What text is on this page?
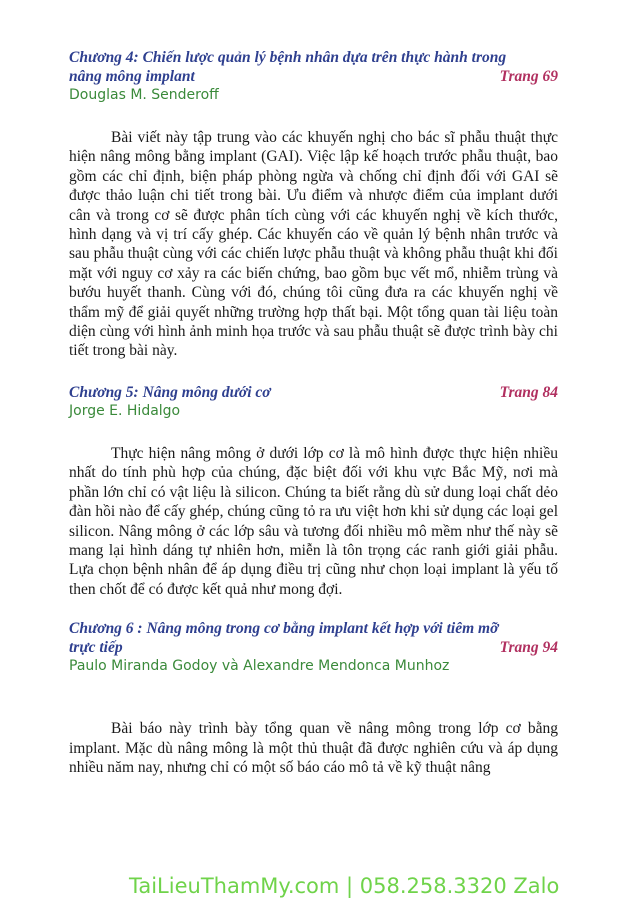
Chương 4: Chiến lược quản lý bệnh nhân dựa trên thực hành trong

Trang 69
nâng mông implant
Douglas M. Senderoff

Bài viết này tập trung vào các khuyến nghị cho bác sĩ phẫu thuật thực hiện nâng mông bằng implant (GAI). Việc lập kế hoạch trước phẫu thuật, bao gồm các chỉ định, biện pháp phòng ngừa và chống chỉ định đối với GAI sẽ được thảo luận chi tiết trong bài. Ưu điểm và nhược điểm của implant dưới cân và trong cơ sẽ được phân tích cùng với các khuyến nghị về kích thước, hình dạng và vị trí cấy ghép. Các khuyến cáo về quản lý bệnh nhân trước và sau phẫu thuật cùng với các chiến lược phẫu thuật và không phẫu thuật khi đối mặt với nguy cơ xảy ra các biến chứng, bao gồm bục vết mổ, nhiễm trùng và bướu huyết thanh. Cùng với đó, chúng tôi cũng đưa ra các khuyến nghị về thẩm mỹ để giải quyết những trường hợp thất bại. Một tổng quan tài liệu toàn diện cùng với hình ảnh minh họa trước và sau phẫu thuật sẽ được trình bày chi tiết trong bài này.

Trang 84
Chương 5: Nâng mông dưới cơ
Jorge E. Hidalgo

Thực hiện nâng mông ở dưới lớp cơ là mô hình được thực hiện nhiều nhất do tính phù hợp của chúng, đặc biệt đối với khu vực Bắc Mỹ, nơi mà phần lớn chỉ có vật liệu là silicon. Chúng ta biết rằng dù sử dung loại chất dẻo đàn hồi nào để cấy ghép, chúng cũng tỏ ra ưu việt hơn khi sử dụng các loại gel silicon. Nâng mông ở các lớp sâu và tương đối nhiều mô mềm như thế này sẽ mang lại hình dáng tự nhiên hơn, miễn là tôn trọng các ranh giới giải phẫu. Lựa chọn bệnh nhân để áp dụng điều trị cũng như chọn loại implant là yếu tố then chốt để có được kết quả như mong đợi.

Chương 6 : Nâng mông trong cơ bằng implant kết hợp với tiêm mỡ

Trang 94
trực tiếp
Paulo Miranda Godoy và Alexandre Mendonca Munhoz

Bài báo này trình bày tổng quan về nâng mông trong lớp cơ bằng implant. Mặc dù nâng mông là một thủ thuật đã được nghiên cứu và áp dụng nhiều năm nay, nhưng chỉ có một số báo cáo mô tả về kỹ thuật nâng

TaiLieuThamMy.com | 058.258.3320 Zalo
